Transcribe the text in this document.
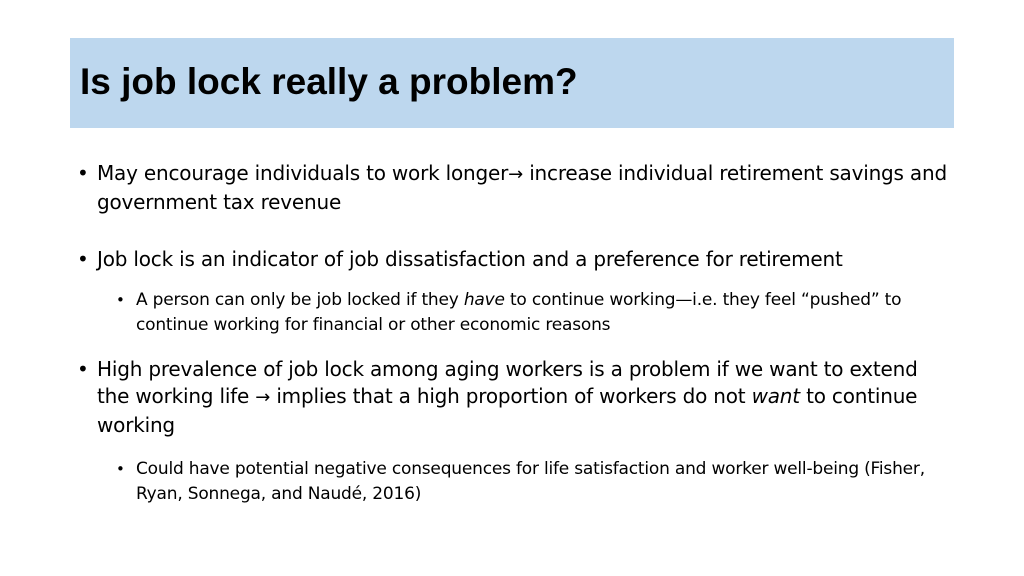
Is job lock really a problem?
• May encourage individuals to work longer→ increase individual retirement savings and government tax revenue
• Job lock is an indicator of job dissatisfaction and a preference for retirement
• A person can only be job locked if they have to continue working—i.e. they feel “pushed” to continue working for financial or other economic reasons
• High prevalence of job lock among aging workers is a problem if we want to extend the working life → implies that a high proportion of workers do not want to continue working
• Could have potential negative consequences for life satisfaction and worker well-being (Fisher, Ryan, Sonnega, and Naudé, 2016)
